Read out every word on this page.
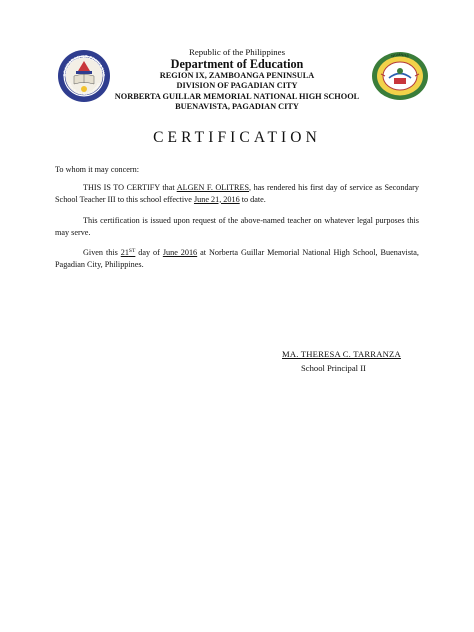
AGAWARAN NG EDUKASYO
REPUBLIKA NG PILIPINAS
NGMNHS
Republic of the Philippines
Department of Education
REGION IX, ZAMBOANGA PENINSULA
DIVISION OF PAGADIAN CITY
NORBERTA GUILLAR MEMORIAL NATIONAL HIGH SCHOOL
BUENAVISTA, PAGADIAN CITY
CERTIFICATION
To whom it may concern:
THIS IS TO CERTIFY that ALGEN F. OLITRES, has rendered his first day of service as Secondary School Teacher III to this school effective June 21, 2016 to date.
This certification is issued upon request of the above-named teacher on whatever legal purposes this may serve.
Given this 21ST day of June 2016 at Norberta Guillar Memorial National High School, Buenavista, Pagadian City, Philippines.
MA. THERESA C. TARRANZA
School Principal II
